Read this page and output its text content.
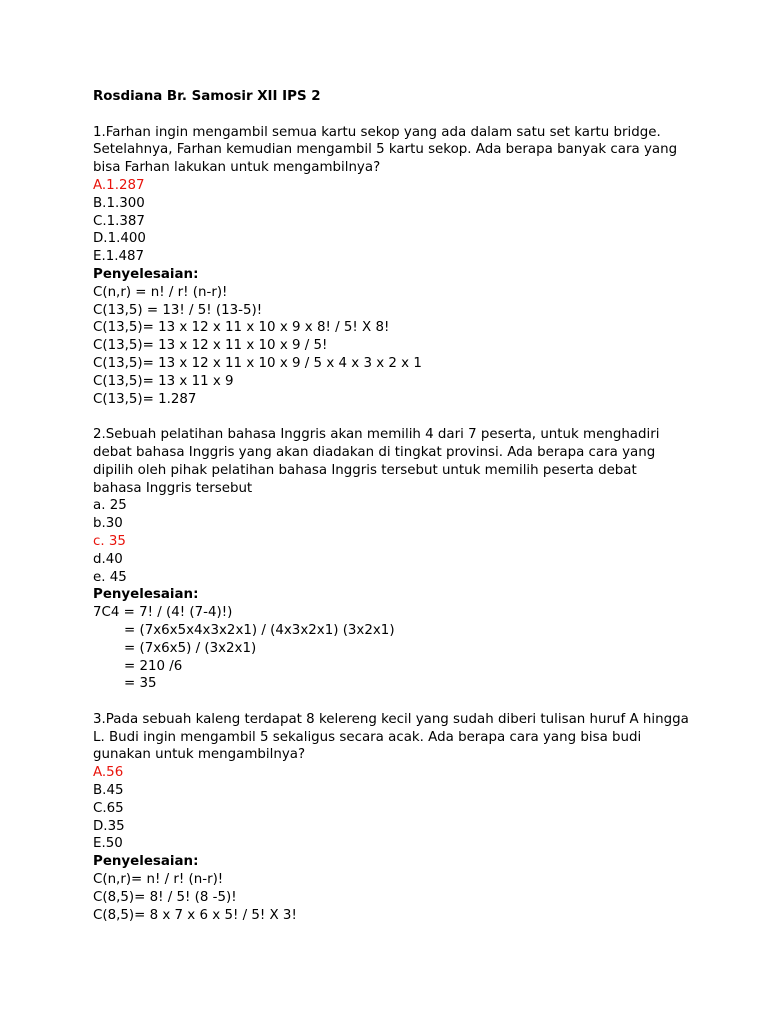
Rosdiana Br. Samosir XII IPS 2
1.Farhan ingin mengambil semua kartu sekop yang ada dalam satu set kartu bridge.
Setelahnya, Farhan kemudian mengambil 5 kartu sekop. Ada berapa banyak cara yang
bisa Farhan lakukan untuk mengambilnya?
A.1.287
B.1.300
C.1.387
D.1.400
E.1.487
Penyelesaian:
C(n,r) = n! / r! (n-r)!
C(13,5) = 13! / 5! (13-5)!
C(13,5)= 13 x 12 x 11 x 10 x 9 x 8! / 5! X 8!
C(13,5)= 13 x 12 x 11 x 10 x 9 / 5!
C(13,5)= 13 x 12 x 11 x 10 x 9 / 5 x 4 x 3 x 2 x 1
C(13,5)= 13 x 11 x 9
C(13,5)= 1.287
2.Sebuah pelatihan bahasa Inggris akan memilih 4 dari 7 peserta, untuk menghadiri
debat bahasa Inggris yang akan diadakan di tingkat provinsi. Ada berapa cara yang
dipilih oleh pihak pelatihan bahasa Inggris tersebut untuk memilih peserta debat
bahasa Inggris tersebut
a. 25
b.30
c. 35
d.40
e. 45
Penyelesaian:
7C4 = 7! / (4! (7-4)!)
= (7x6x5x4x3x2x1) / (4x3x2x1) (3x2x1)
= (7x6x5) / (3x2x1)
= 210 /6
= 35
3.Pada sebuah kaleng terdapat 8 kelereng kecil yang sudah diberi tulisan huruf A hingga
L. Budi ingin mengambil 5 sekaligus secara acak. Ada berapa cara yang bisa budi
gunakan untuk mengambilnya?
A.56
B.45
C.65
D.35
E.50
Penyelesaian:
C(n,r)= n! / r! (n-r)!
C(8,5)= 8! / 5! (8 -5)!
C(8,5)= 8 x 7 x 6 x 5! / 5! X 3!
